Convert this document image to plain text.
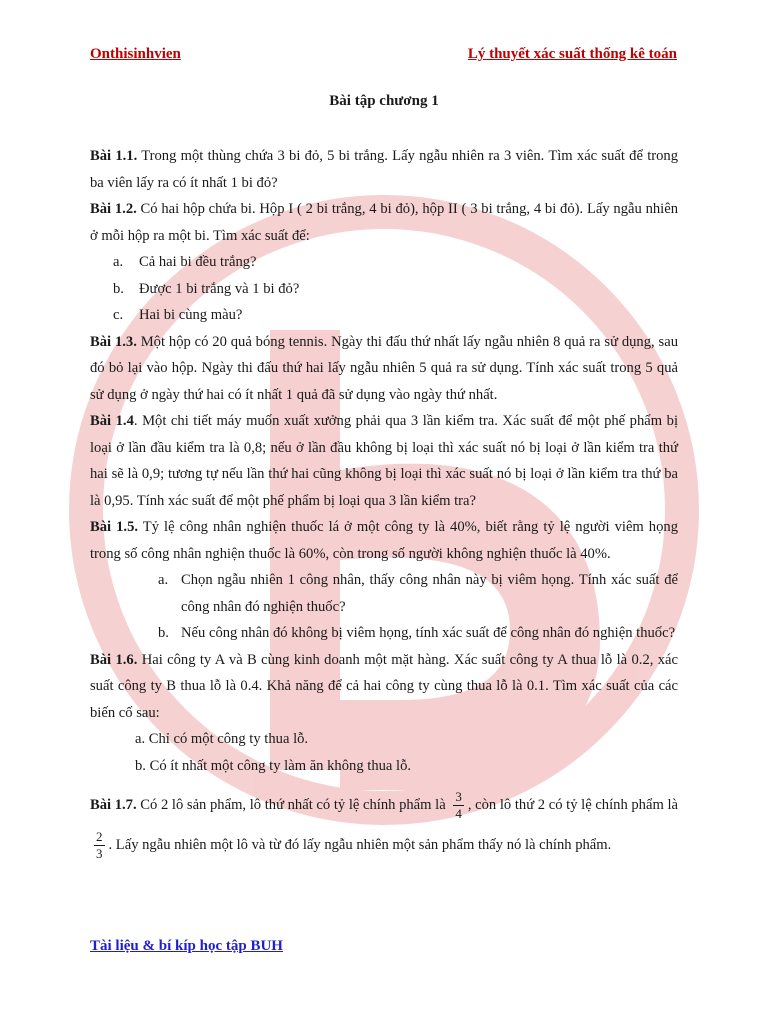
Onthisinhvien	Lý thuyết xác suất thống kê toán
Bài tập chương 1

Bài 1.1. Trong một thùng chứa 3 bi đỏ, 5 bi trắng. Lấy ngẫu nhiên ra 3 viên. Tìm xác suất để trong ba viên lấy ra có ít nhất 1 bi đỏ?

Bài 1.2. Có hai hộp chứa bi. Hộp I ( 2 bi trắng, 4 bi đỏ), hộp II ( 3 bi trắng, 4 bi đỏ). Lấy ngẫu nhiên ở mỗi hộp ra một bi. Tìm xác suất để:

a.	Cả hai bi đều trắng?
b.	Được 1 bi trắng và 1 bi đỏ?
c.	Hai bi cùng màu?

Bài 1.3. Một hộp có 20 quả bóng tennis. Ngày thi đấu thứ nhất lấy ngẫu nhiên 8 quả ra sử dụng, sau đó bỏ lại vào hộp. Ngày thi đấu thứ hai lấy ngẫu nhiên 5 quả ra sử dụng. Tính xác suất trong 5 quả sử dụng ở ngày thứ hai có ít nhất 1 quả đã sử dụng vào ngày thứ nhất.

Bài 1.4. Một chi tiết máy muốn xuất xưởng phải qua 3 lần kiểm tra. Xác suất để một phế phẩm bị loại ở lần đầu kiểm tra là 0,8; nếu ở lần đầu không bị loại thì xác suất nó bị loại ở lần kiểm tra thứ hai sẽ là 0,9; tương tự nếu lần thứ hai cũng không bị loại thì xác suất nó bị loại ở lần kiểm tra thứ ba là 0,95. Tính xác suất để một phế phẩm bị loại qua 3 lần kiểm tra?

Bài 1.5. Tỷ lệ công nhân nghiện thuốc lá ở một công ty là 40%, biết rằng tỷ lệ người viêm họng trong số công nhân nghiện thuốc là 60%, còn trong số người không nghiện thuốc là 40%.

a. Chọn ngẫu nhiên 1 công nhân, thấy công nhân này bị viêm họng. Tính xác suất để công nhân đó nghiện thuốc?
b. Nếu công nhân đó không bị viêm họng, tính xác suất để công nhân đó nghiện thuốc?

Bài 1.6. Hai công ty A và B cùng kinh doanh một mặt hàng. Xác suất công ty A thua lỗ là 0.2, xác suất công ty B thua lỗ là 0.4. Khả năng để cả hai công ty cùng thua lỗ là 0.1. Tìm xác suất của các biến cố sau:

a. Chỉ có một công ty thua lỗ.
b. Có ít nhất một công ty làm ăn không thua lỗ.

Bài 1.7. Có 2 lô sản phẩm, lô thứ nhất có tỷ lệ chính phẩm là $\frac{3}{4}$ , còn lô thứ 2 có tỷ lệ chính phẩm là
$\frac{2}{3}$ . Lấy ngẫu nhiên một lô và từ đó lấy ngẫu nhiên một sản phẩm thấy nó là chính phẩm.

Tài liệu & bí kíp học tập BUH
